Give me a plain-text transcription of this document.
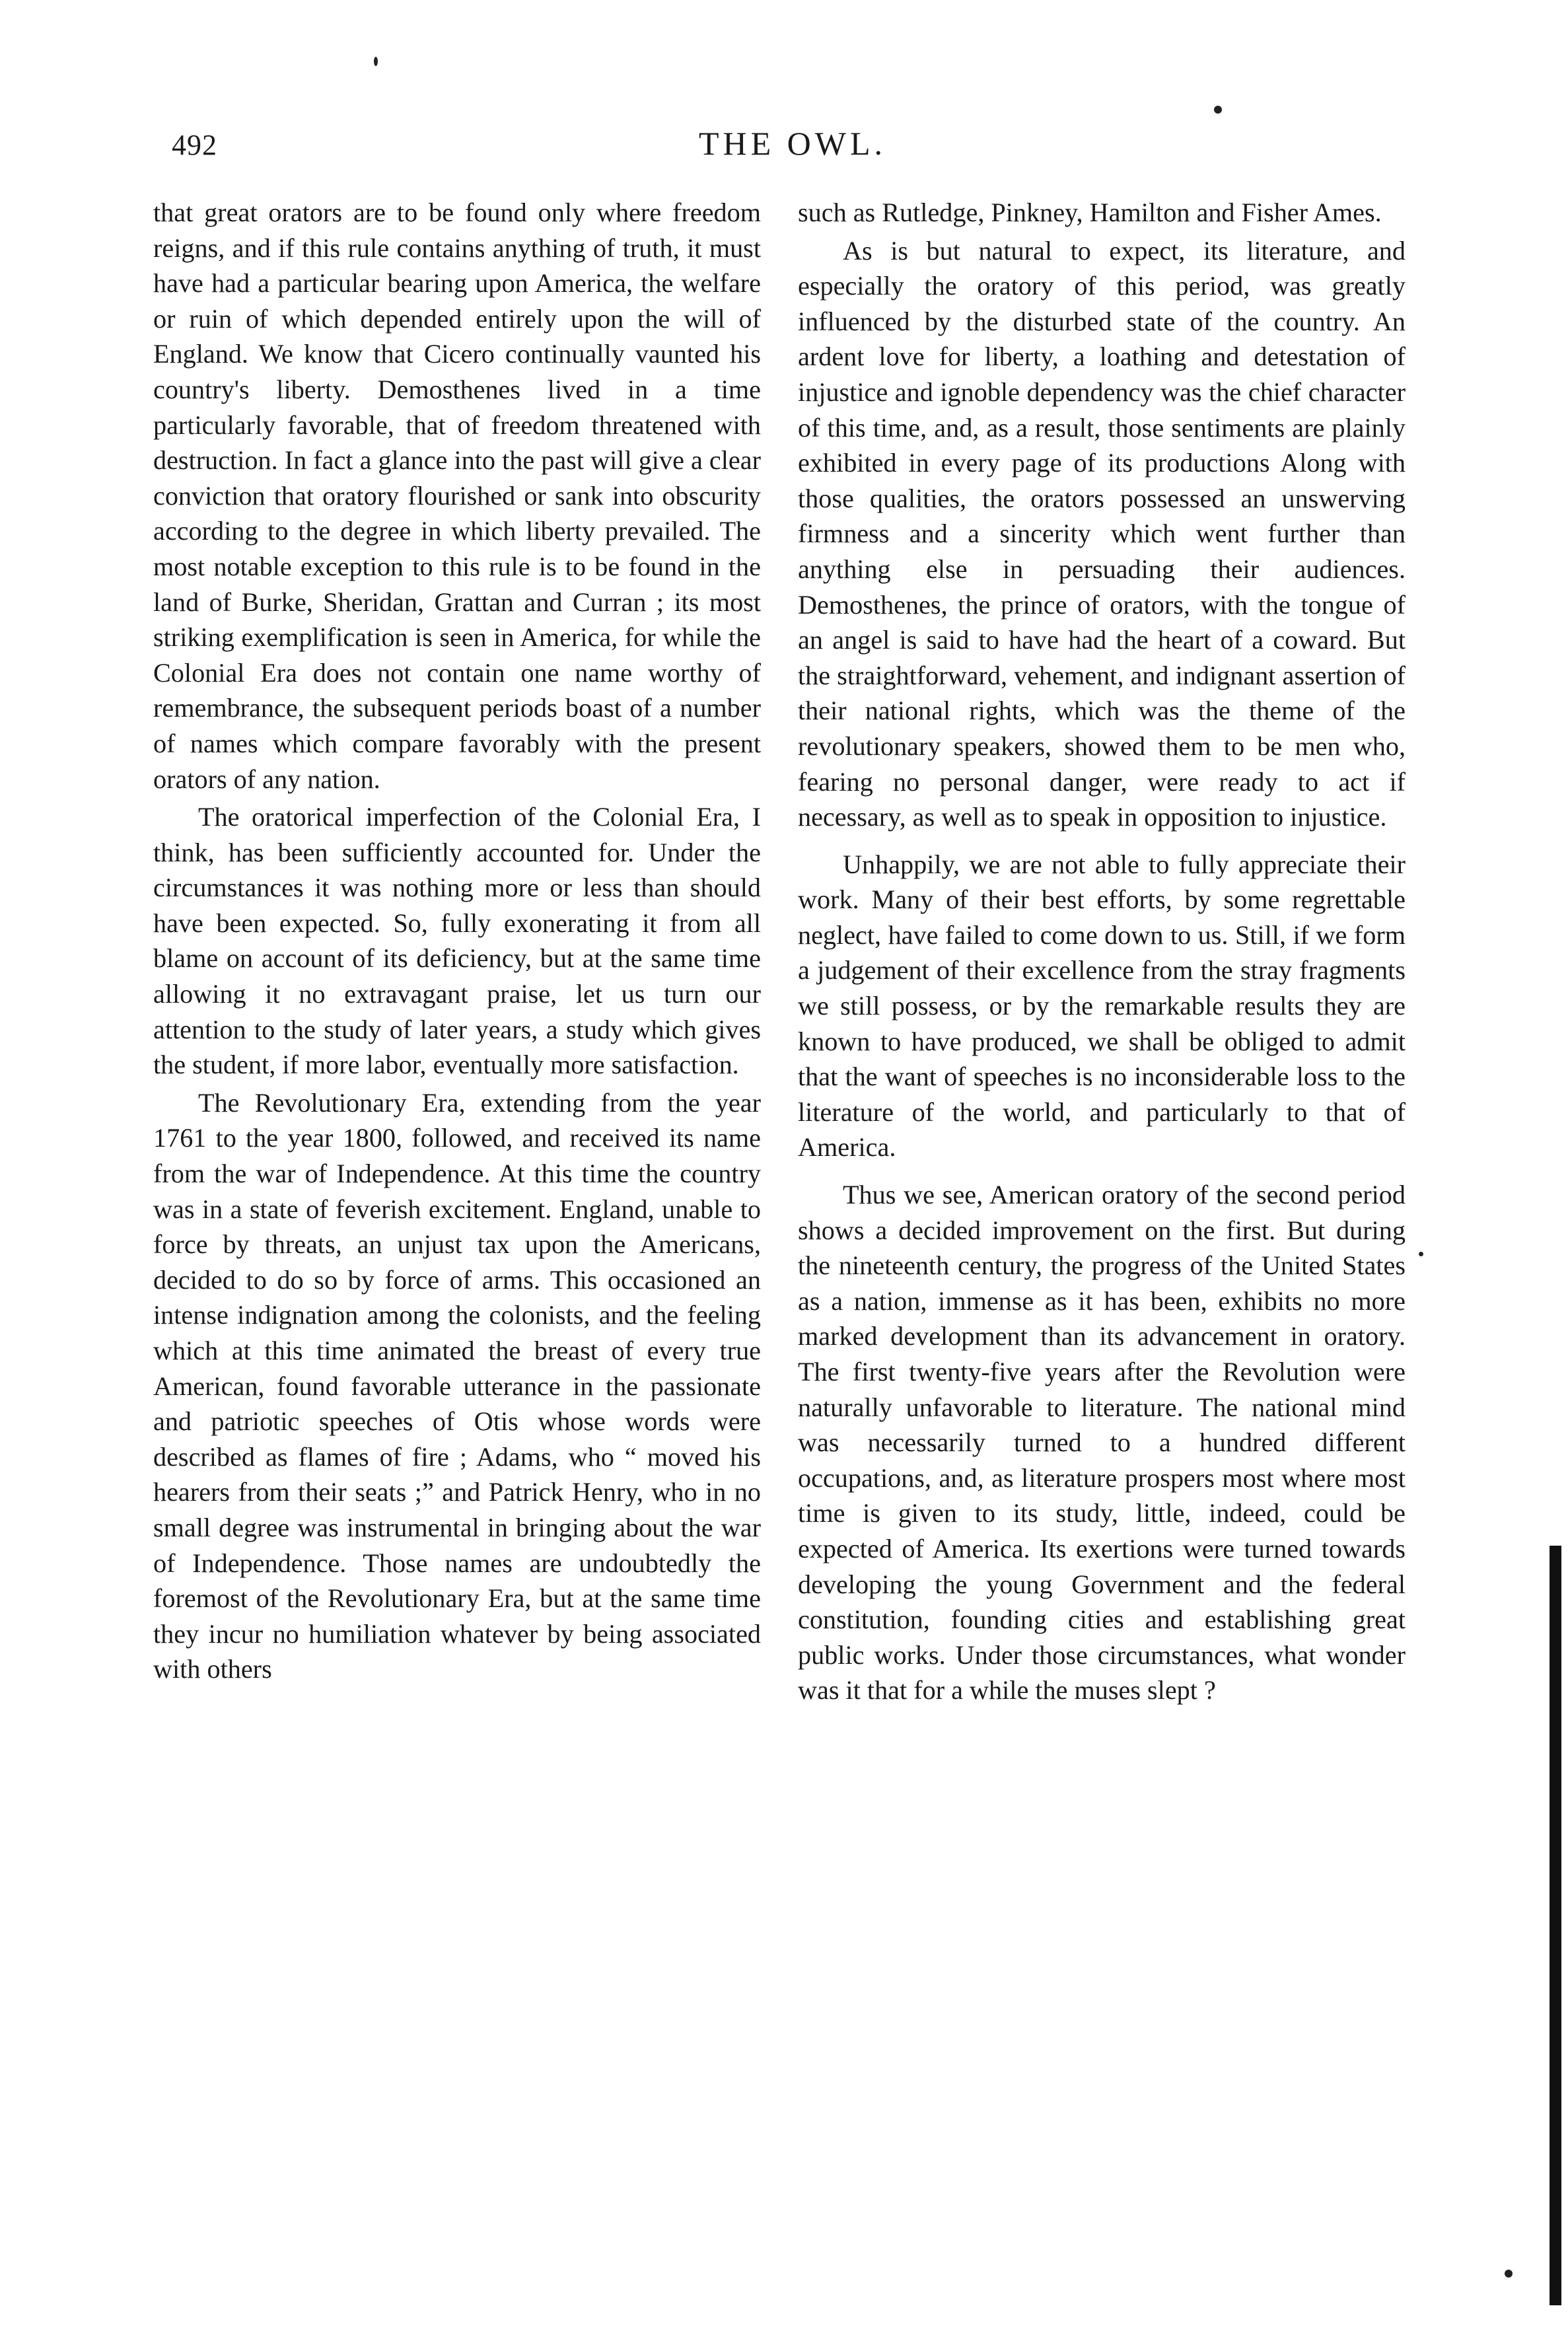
492	THE OWL.

that great orators are to be found only where freedom reigns, and if this rule contains anything of truth, it must have had a particular bearing upon America, the welfare or ruin of which depended entirely upon the will of England. We know that Cicero continually vaunted his country's liberty. Demosthenes lived in a time particularly favorable, that of freedom threatened with destruction. In fact a glance into the past will give a clear conviction that oratory flourished or sank into obscurity according to the degree in which liberty prevailed. The most notable exception to this rule is to be found in the land of Burke, Sheridan, Grattan and Curran ; its most striking exemplification is seen in America, for while the Colonial Era does not contain one name worthy of remembrance, the subsequent periods boast of a number of names which compare favorably with the present orators of any nation.

The oratorical imperfection of the Colonial Era, I think, has been sufficiently accounted for. Under the circumstances it was nothing more or less than should have been expected. So, fully exonerating it from all blame on account of its deficiency, but at the same time allowing it no extravagant praise, let us turn our attention to the study of later years, a study which gives the student, if more labor, eventually more satisfaction.

The Revolutionary Era, extending from the year 1761 to the year 1800, followed, and received its name from the war of Independence. At this time the country was in a state of feverish excitement. England, unable to force by threats, an unjust tax upon the Americans, decided to do so by force of arms. This occasioned an intense indignation among the colonists, and the feeling which at this time animated the breast of every true American, found favorable utterance in the passionate and patriotic speeches of Otis whose words were described as flames of fire ; Adams, who “ moved his hearers from their seats ;” and Patrick Henry, who in no small degree was instrumental in bringing about the war of Independence. Those names are undoubtedly the foremost of the Revolutionary Era, but at the same time they incur no humiliation whatever by being associated with others

such as Rutledge, Pinkney, Hamilton and Fisher Ames.

As is but natural to expect, its literature, and especially the oratory of this period, was greatly influenced by the disturbed state of the country. An ardent love for liberty, a loathing and detestation of injustice and ignoble dependency was the chief character of this time, and, as a result, those sentiments are plainly exhibited in every page of its productions Along with those qualities, the orators possessed an unswerving firmness and a sincerity which went further than anything else in persuading their audiences. Demosthenes, the prince of orators, with the tongue of an angel is said to have had the heart of a coward. But the straightforward, vehement, and indignant assertion of their national rights, which was the theme of the revolutionary speakers, showed them to be men who, fearing no personal danger, were ready to act if necessary, as well as to speak in opposition to injustice.

Unhappily, we are not able to fully appreciate their work. Many of their best efforts, by some regrettable neglect, have failed to come down to us. Still, if we form a judgement of their excellence from the stray fragments we still possess, or by the remarkable results they are known to have produced, we shall be obliged to admit that the want of speeches is no inconsiderable loss to the literature of the world, and particularly to that of America.

Thus we see, American oratory of the second period shows a decided improvement on the first. But during the nineteenth century, the progress of the United States as a nation, immense as it has been, exhibits no more marked development than its advancement in oratory. The first twenty-five years after the Revolution were naturally unfavorable to literature. The national mind was necessarily turned to a hundred different occupations, and, as literature prospers most where most time is given to its study, little, indeed, could be expected of America. Its exertions were turned towards developing the young Government and the federal constitution, founding cities and establishing great public works. Under those circumstances, what wonder was it that for a while the muses slept ?
